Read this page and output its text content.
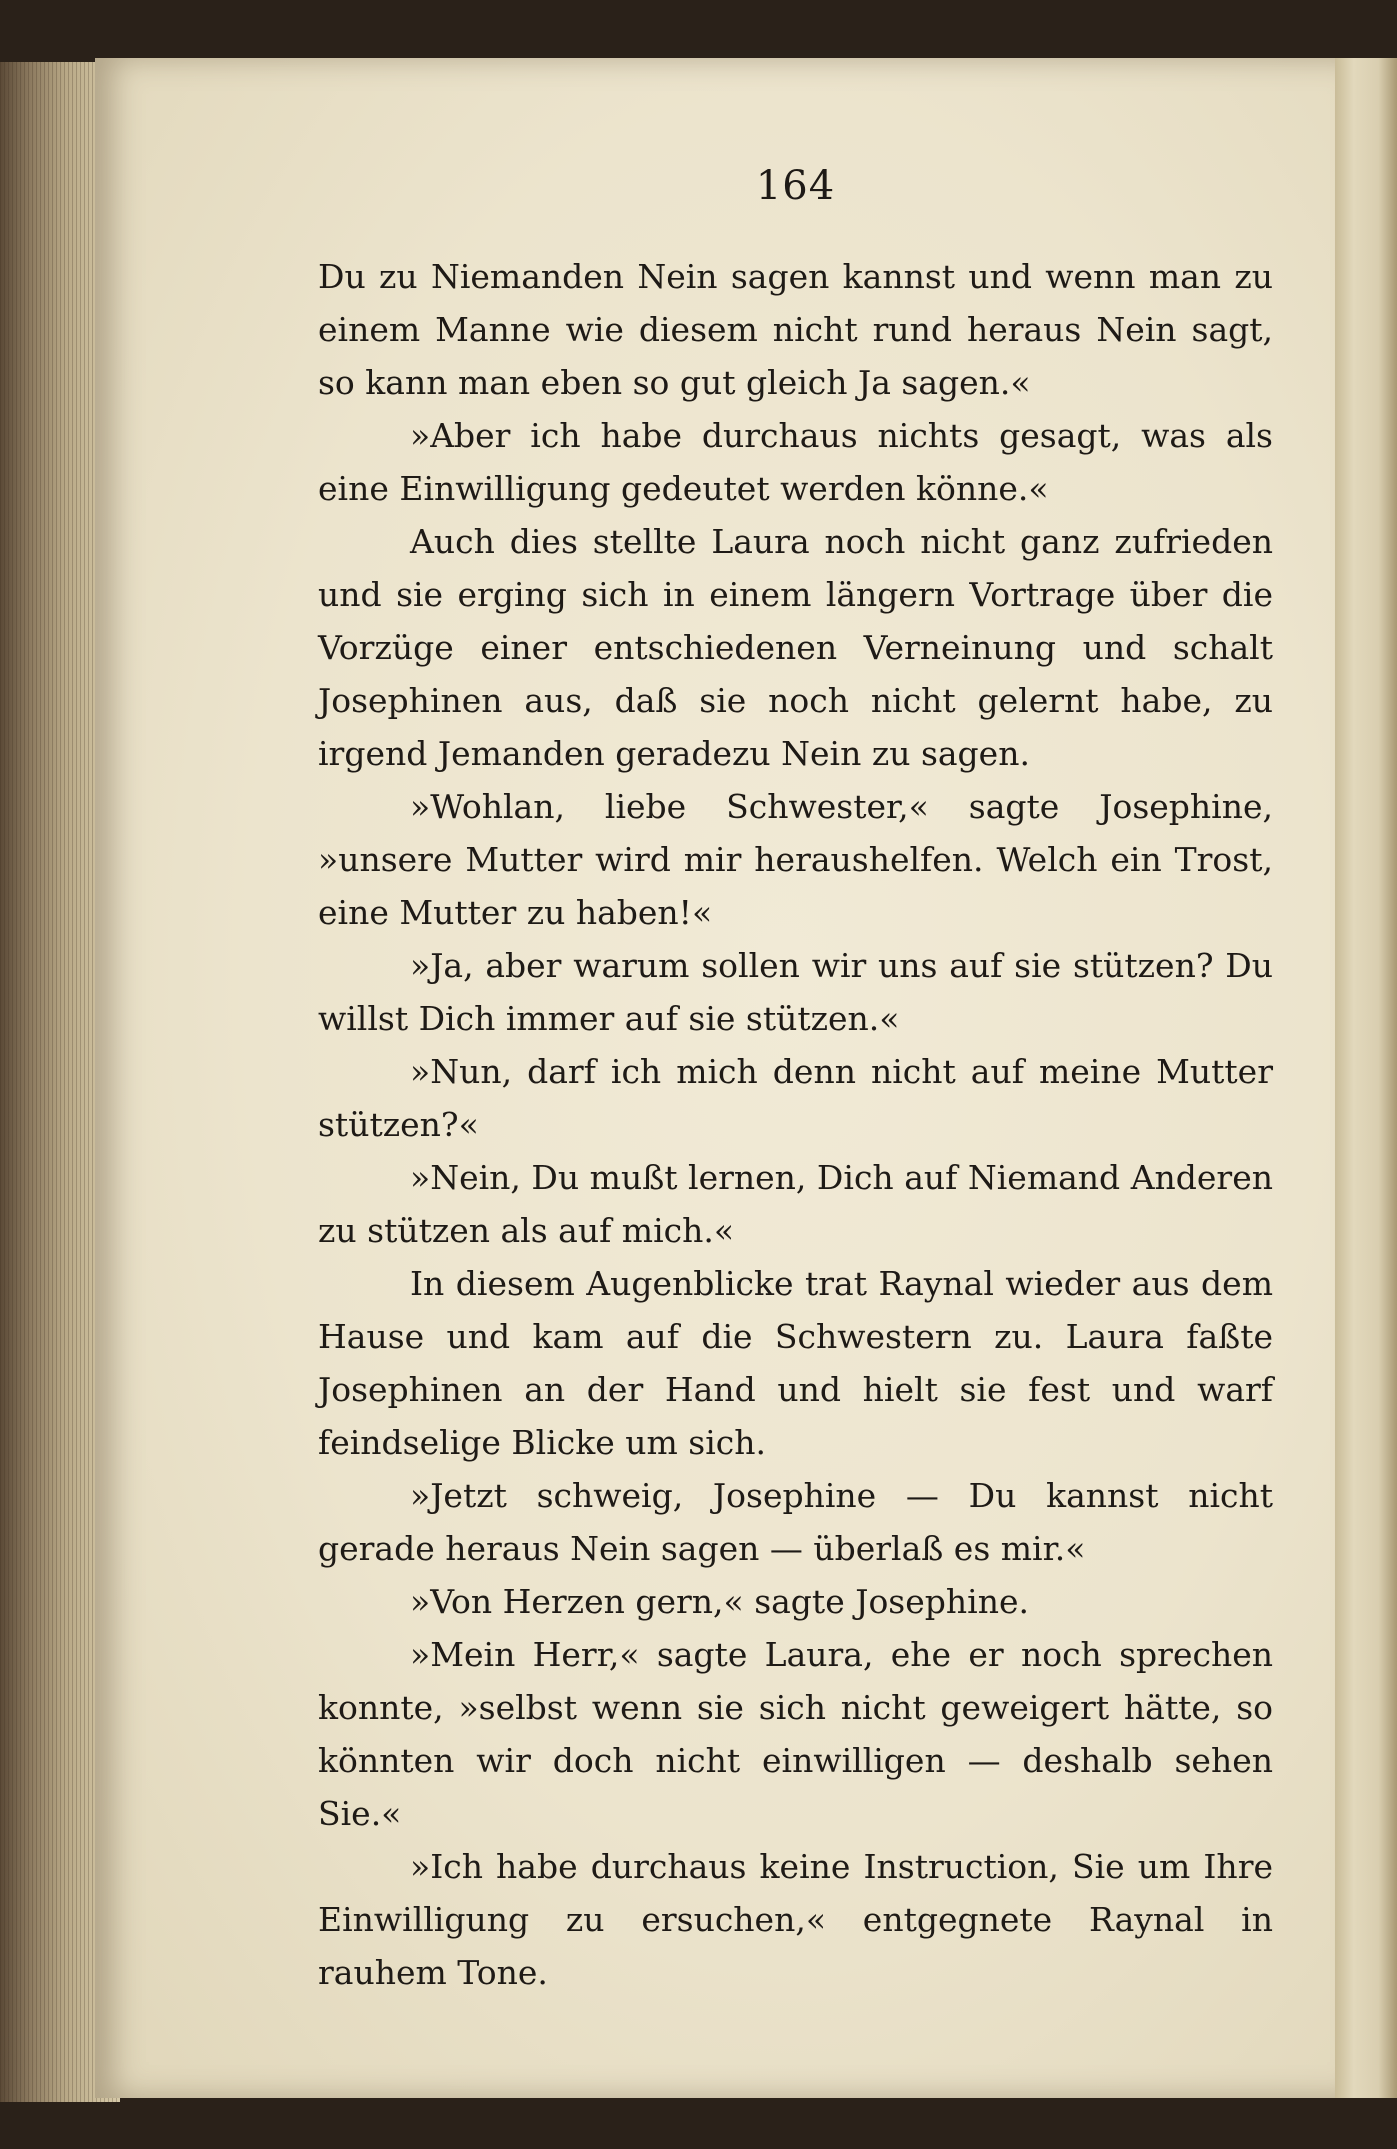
164

Du zu Niemanden Nein sagen kannst und wenn man zu einem Manne wie diesem nicht rund heraus Nein sagt, so kann man eben so gut gleich Ja sagen.«

»Aber ich habe durchaus nichts gesagt, was als eine Einwilligung gedeutet werden könne.«

Auch dies stellte Laura noch nicht ganz zufrieden und sie erging sich in einem längern Vortrage über die Vorzüge einer entschiedenen Verneinung und schalt Josephinen aus, daß sie noch nicht gelernt habe, zu irgend Jemanden geradezu Nein zu sagen.

»Wohlan, liebe Schwester,« sagte Josephine, »unsere Mutter wird mir heraushelfen. Welch ein Trost, eine Mutter zu haben!«

»Ja, aber warum sollen wir uns auf sie stützen? Du willst Dich immer auf sie stützen.«

»Nun, darf ich mich denn nicht auf meine Mutter stützen?«

»Nein, Du mußt lernen, Dich auf Niemand Anderen zu stützen als auf mich.«

In diesem Augenblicke trat Raynal wieder aus dem Hause und kam auf die Schwestern zu. Laura faßte Josephinen an der Hand und hielt sie fest und warf feindselige Blicke um sich.

»Jetzt schweig, Josephine — Du kannst nicht gerade heraus Nein sagen — überlaß es mir.«

»Von Herzen gern,« sagte Josephine.

»Mein Herr,« sagte Laura, ehe er noch sprechen konnte, »selbst wenn sie sich nicht geweigert hätte, so könnten wir doch nicht einwilligen — deshalb sehen Sie.«

»Ich habe durchaus keine Instruction, Sie um Ihre Einwilligung zu ersuchen,« entgegnete Raynal in rauhem Tone.
